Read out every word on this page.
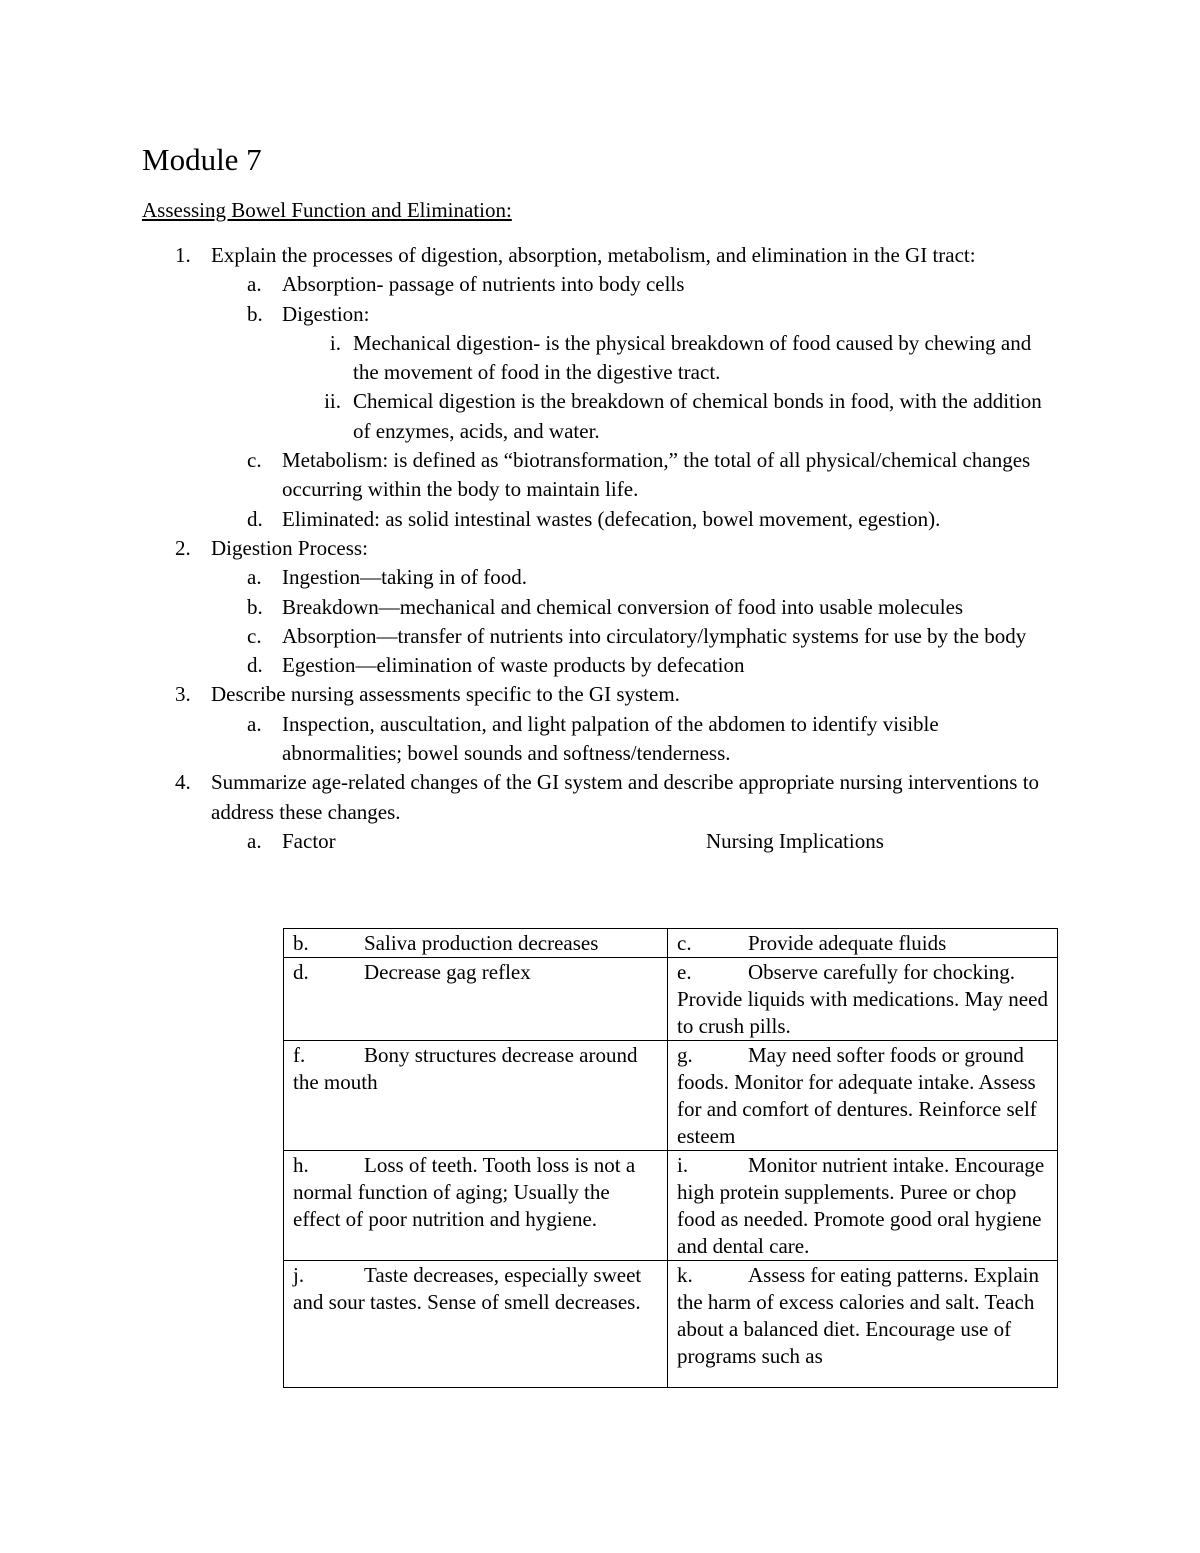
Module 7
Assessing Bowel Function and Elimination:
1. Explain the processes of digestion, absorption, metabolism, and elimination in the GI tract:
a. Absorption- passage of nutrients into body cells
b. Digestion:
i. Mechanical digestion- is the physical breakdown of food caused by chewing and the movement of food in the digestive tract.
ii. Chemical digestion is the breakdown of chemical bonds in food, with the addition of enzymes, acids, and water.
c. Metabolism: is defined as “biotransformation,” the total of all physical/chemical changes occurring within the body to maintain life.
d. Eliminated: as solid intestinal wastes (defecation, bowel movement, egestion).
2. Digestion Process:
a. Ingestion—taking in of food.
b. Breakdown—mechanical and chemical conversion of food into usable molecules
c. Absorption—transfer of nutrients into circulatory/lymphatic systems for use by the body
d. Egestion—elimination of waste products by defecation
3. Describe nursing assessments specific to the GI system.
a. Inspection, auscultation, and light palpation of the abdomen to identify visible abnormalities; bowel sounds and softness/tenderness.
4. Summarize age-related changes of the GI system and describe appropriate nursing interventions to address these changes.
a. Factor	Nursing Implications
b. Saliva production decreases	c. Provide adequate fluids
d. Decrease gag reflex	e. Observe carefully for chocking. Provide liquids with medications. May need to crush pills.
f. Bony structures decrease around the mouth	g. May need softer foods or ground foods. Monitor for adequate intake. Assess for and comfort of dentures. Reinforce self esteem
h. Loss of teeth. Tooth loss is not a normal function of aging; Usually the effect of poor nutrition and hygiene.	i. Monitor nutrient intake. Encourage high protein supplements. Puree or chop food as needed. Promote good oral hygiene and dental care.
j. Taste decreases, especially sweet and sour tastes. Sense of smell decreases.	k. Assess for eating patterns. Explain the harm of excess calories and salt. Teach about a balanced diet. Encourage use of programs such as
